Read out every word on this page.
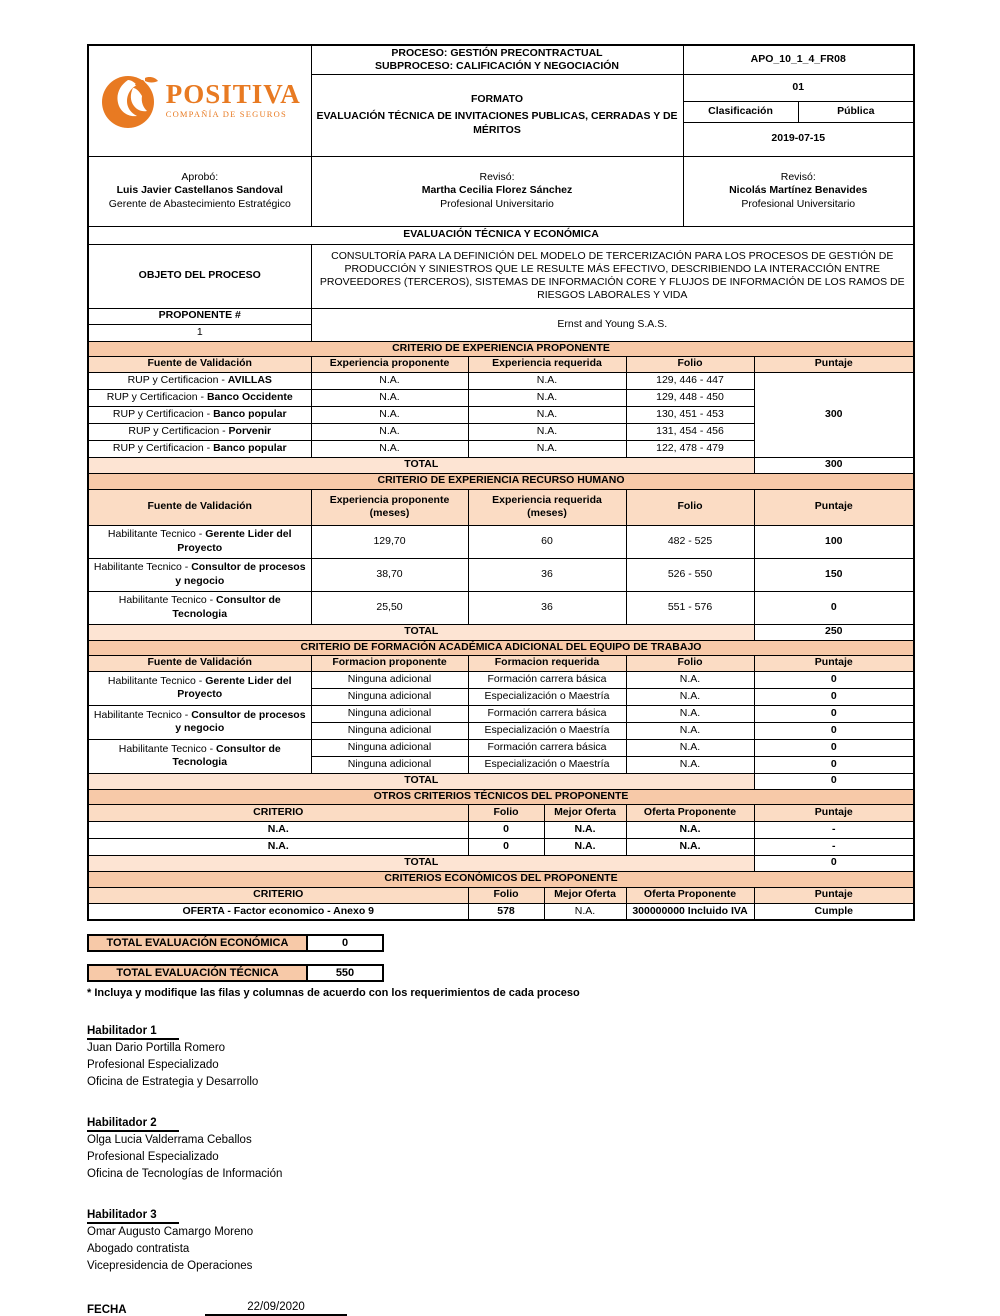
POSITIVA
COMPAÑÍA DE SEGUROS

PROCESO: GESTIÓN PRECONTRACTUAL
SUBPROCESO: CALIFICACIÓN Y NEGOCIACIÓN
	APO_10_1_4_FR08

	FORMATO
EVALUACIÓN TÉCNICA DE INVITACIONES PUBLICAS, CERRADAS Y DE MÉRITOS				01		
					Clasificación		Pública
					2019-07-15		

Aprobó:
Luis Javier Castellanos Sandoval
Gerente de Abastecimiento Estratégico

Revisó:
Martha Cecilia Florez Sánchez
Profesional Universitario

Revisó:
Nicolás Martínez Benavides
Profesional Universitario

EVALUACIÓN TÉCNICA Y ECONÓMICA							
OBJETO DEL PROCESO	CONSULTORÍA PARA LA DEFINICIÓN DEL MODELO DE TERCERIZACIÓN PARA LOS PROCESOS DE GESTIÓN DE PRODUCCIÓN Y SINIESTROS QUE LE RESULTE MÁS EFECTIVO, DESCRIBIENDO LA INTERACCIÓN ENTRE PROVEEDORES (TERCEROS), SISTEMAS DE INFORMACIÓN CORE Y FLUJOS DE INFORMACIÓN DE LOS RAMOS DE RIESGOS LABORALES Y VIDA						
PROPONENTE #	Ernst and Young S.A.S.						
1							
CRITERIO DE EXPERIENCIA PROPONENTE							
Fuente de Validación	Experiencia proponente	Experiencia requerida		Folio		Puntaje	
RUP y Certificacion - AVILLAS	N.A.	N.A.		129, 446 - 447		300	
RUP y Certificacion - Banco Occidente	N.A.	N.A.		129, 448 - 450			
RUP y Certificacion - Banco popular	N.A.	N.A.		130, 451 - 453			
RUP y Certificacion - Porvenir	N.A.	N.A.		131, 454 - 456			
RUP y Certificacion - Banco popular	N.A.	N.A.		122, 478 - 479			
TOTAL						300	
CRITERIO DE EXPERIENCIA RECURSO HUMANO							
Fuente de Validación	Experiencia proponente (meses)	Experiencia requerida (meses)		Folio		Puntaje	
Habilitante Tecnico - Gerente Lider del Proyecto	129,70	60		482 - 525		100	
Habilitante Tecnico - Consultor de procesos y negocio	38,70	36		526 - 550		150	
Habilitante Tecnico - Consultor de Tecnologia	25,50	36		551 - 576		0	
TOTAL						250	
CRITERIO DE FORMACIÓN ACADÉMICA ADICIONAL DEL EQUIPO DE TRABAJO							
Fuente de Validación	Formacion proponente	Formacion requerida		Folio		Puntaje	
Habilitante Tecnico - Gerente Lider del Proyecto	Ninguna adicional	Formación carrera básica		N.A.		0	
	Ninguna adicional	Especialización o Maestría		N.A.		0	
Habilitante Tecnico - Consultor de procesos y negocio	Ninguna adicional	Formación carrera básica		N.A.		0	
	Ninguna adicional	Especialización o Maestría		N.A.		0	
Habilitante Tecnico - Consultor de Tecnologia	Ninguna adicional	Formación carrera básica		N.A.		0	
	Ninguna adicional	Especialización o Maestría		N.A.		0	
TOTAL						0	
OTROS CRITERIOS TÉCNICOS DEL PROPONENTE							
CRITERIO		Folio	Mejor Oferta	Oferta Proponente		Puntaje	
N.A.		0	N.A.	N.A.		-	
N.A.		0	N.A.	N.A.		-	
TOTAL						0	
CRITERIOS ECONÓMICOS DEL PROPONENTE							
CRITERIO		Folio	Mejor Oferta	Oferta Proponente		Puntaje	
OFERTA - Factor economico - Anexo 9		578	N.A.	300000000 Incluido IVA		Cumple	
TOTAL EVALUACIÓN ECONÓMICA	0
TOTAL EVALUACIÓN TÉCNICA	550
* Incluya y modifique las filas y columnas de acuerdo con los requerimientos de cada proceso
Habilitador 1
Juan Dario Portilla Romero
Profesional Especializado
Oficina de Estrategia y Desarrollo
Habilitador 2
Olga Lucia Valderrama Ceballos
Profesional Especializado
Oficina de Tecnologías de Información
Habilitador 3
Omar Augusto Camargo Moreno
Abogado contratista
Vicepresidencia de Operaciones
FECHA	22/09/2020
